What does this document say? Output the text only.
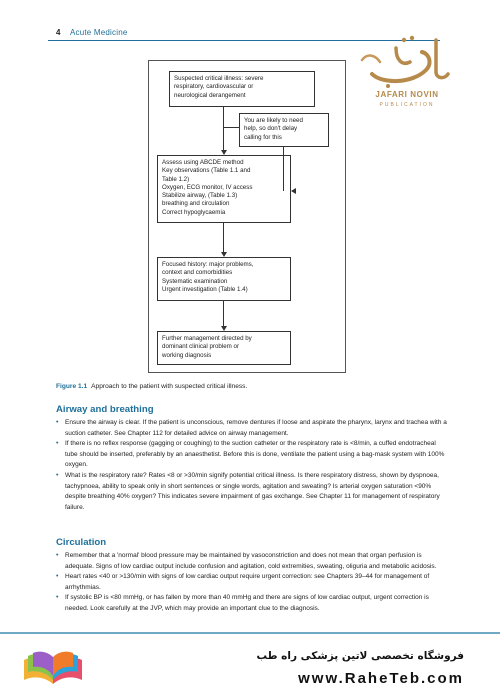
4 Acute Medicine
JAFARI NOVIN
PUBLICATION
Suspected critical illness: severe
respiratory, cardiovascular or
neurological derangement
You are likely to need
help, so don't delay
calling for this
Assess using ABCDE method
Key observations (Table 1.1 and
Table 1.2)
Oxygen, ECG monitor, IV access
Stabilize airway, (Table 1.3)
breathing and circulation
Correct hypoglycaemia
Focused history: major problems,
context and comorbidities
Systematic examination
Urgent investigation (Table 1.4)
Further management directed by
dominant clinical problem or
working diagnosis
Figure 1.1 Approach to the patient with suspected critical illness.
Airway and breathing
• Ensure the airway is clear. If the patient is unconscious, remove dentures if loose and aspirate the pharynx, larynx and trachea with a suction catheter. See Chapter 112 for detailed advice on airway management.
• If there is no reflex response (gagging or coughing) to the suction catheter or the respiratory rate is <8/min, a cuffed endotracheal tube should be inserted, preferably by an anaesthetist. Before this is done, ventilate the patient using a bag-mask system with 100% oxygen.
• What is the respiratory rate? Rates <8 or >30/min signify potential critical illness. Is there respiratory distress, shown by dyspnoea, tachypnoea, ability to speak only in short sentences or single words, agitation and sweating? Is arterial oxygen saturation <90% despite breathing 40% oxygen? This indicates severe impairment of gas exchange. See Chapter 11 for management of respiratory failure.
Circulation
• Remember that a 'normal' blood pressure may be maintained by vasoconstriction and does not mean that organ perfusion is adequate. Signs of low cardiac output include confusion and agitation, cold extremities, sweating, oliguria and metabolic acidosis.
• Heart rates <40 or >130/min with signs of low cardiac output require urgent correction: see Chapters 39–44 for management of arrhythmias.
• If systolic BP is <80 mmHg, or has fallen by more than 40 mmHg and there are signs of low cardiac output, urgent correction is needed. Look carefully at the JVP, which may provide an important clue to the diagnosis.
فروشگاه تخصصی لاتین پزشکی راه طب
www.RaheTeb.com
